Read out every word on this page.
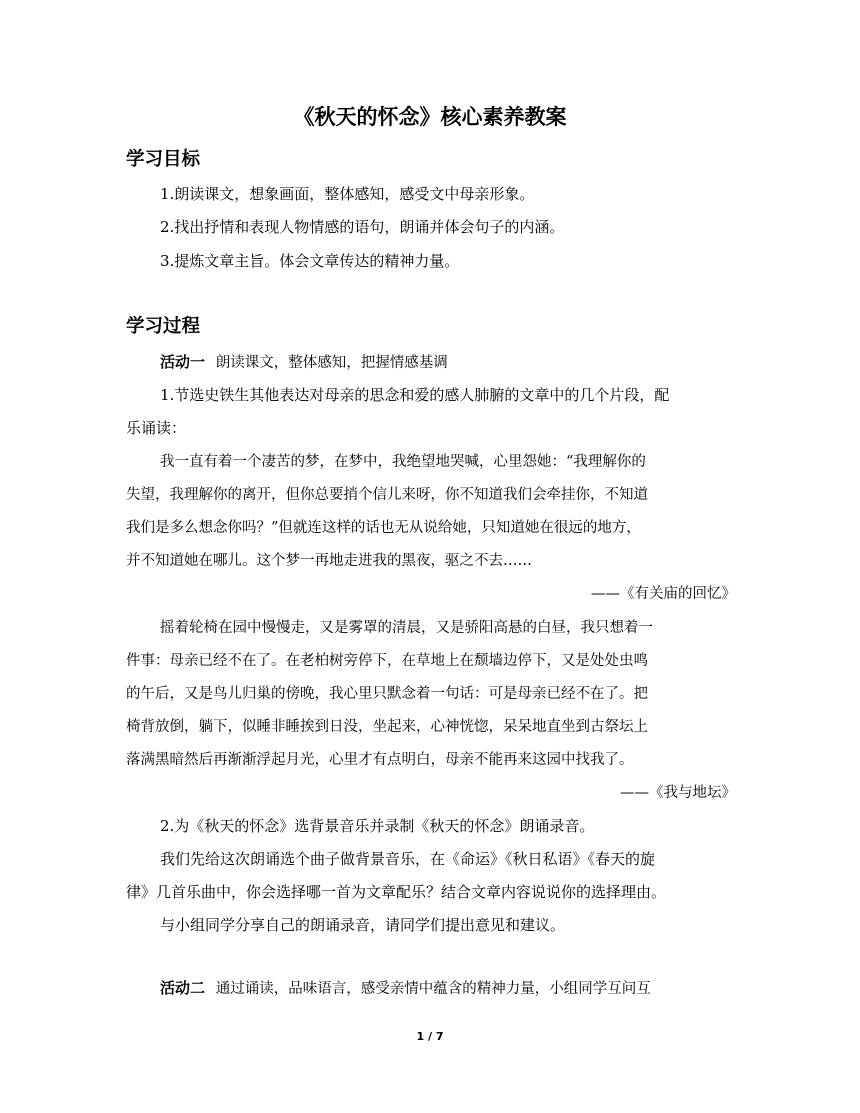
《秋天的怀念》核心素养教案
学习目标

1.朗读课文，想象画面，整体感知，感受文中母亲形象。

2.找出抒情和表现人物情感的语句，朗诵并体会句子的内涵。

3.提炼文章主旨。体会文章传达的精神力量。

学习过程

活动一 朗读课文，整体感知，把握情感基调

1.节选史铁生其他表达对母亲的思念和爱的感人肺腑的文章中的几个片段，配

乐诵读：

我一直有着一个凄苦的梦，在梦中，我绝望地哭喊，心里怨她：“我理解你的

失望，我理解你的离开，但你总要捎个信儿来呀，你不知道我们会牵挂你，不知道

我们是多么想念你吗？”但就连这样的话也无从说给她，只知道她在很远的地方，

并不知道她在哪儿。这个梦一再地走进我的黑夜，驱之不去……

——《有关庙的回忆》

摇着轮椅在园中慢慢走，又是雾罩的清晨，又是骄阳高悬的白昼，我只想着一

件事：母亲已经不在了。在老柏树旁停下，在草地上在颓墙边停下，又是处处虫鸣

的午后，又是鸟儿归巢的傍晚，我心里只默念着一句话：可是母亲已经不在了。把

椅背放倒，躺下，似睡非睡挨到日没，坐起来，心神恍惚，呆呆地直坐到古祭坛上

落满黑暗然后再渐渐浮起月光，心里才有点明白，母亲不能再来这园中找我了。

——《我与地坛》

2.为《秋天的怀念》选背景音乐并录制《秋天的怀念》朗诵录音。

我们先给这次朗诵选个曲子做背景音乐，在《命运》《秋日私语》《春天的旋

律》几首乐曲中，你会选择哪一首为文章配乐？结合文章内容说说你的选择理由。

与小组同学分享自己的朗诵录音，请同学们提出意见和建议。

活动二 通过诵读，品味语言，感受亲情中蕴含的精神力量，小组同学互问互

1 / 7
